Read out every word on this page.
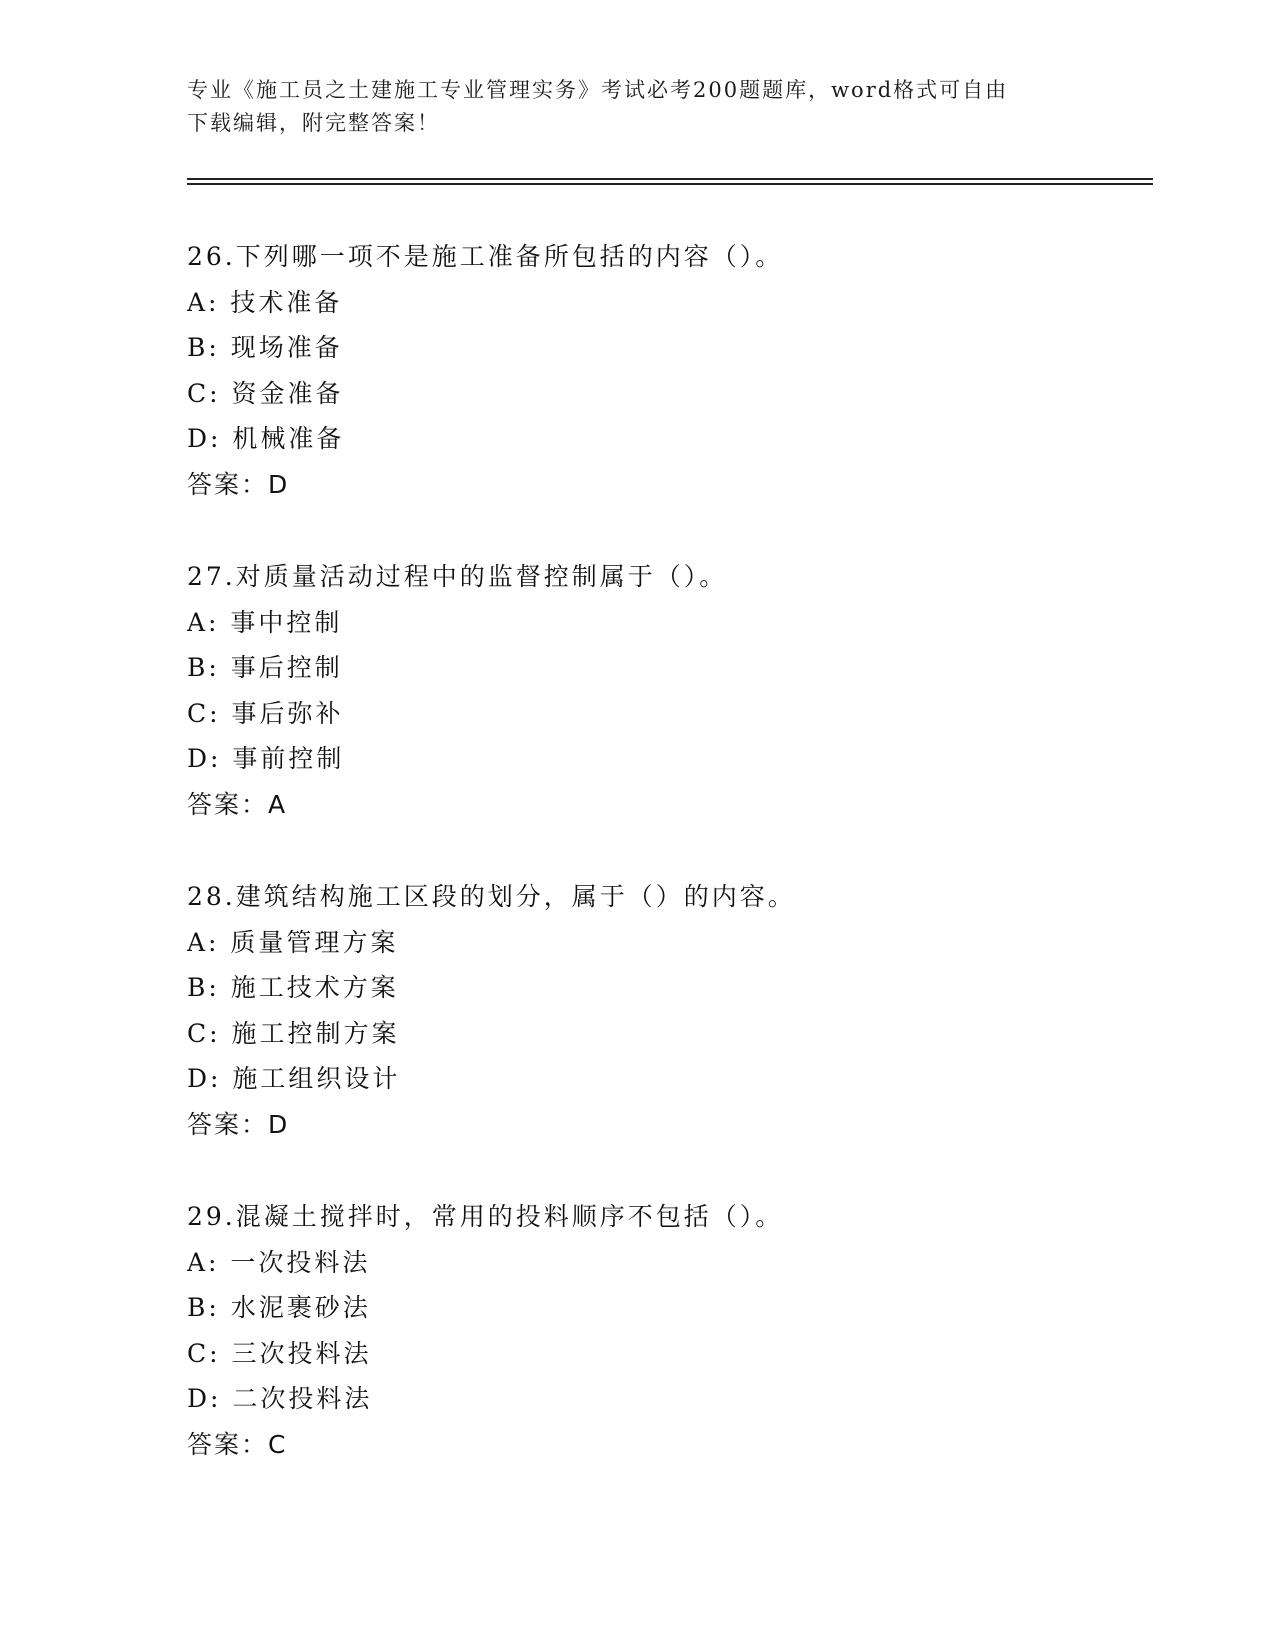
专业《施工员之土建施工专业管理实务》考试必考200题题库，word格式可自由
下载编辑，附完整答案！
26.下列哪一项不是施工准备所包括的内容（）。
A: 技术准备
B: 现场准备
C: 资金准备
D: 机械准备
答案：D
27.对质量活动过程中的监督控制属于（）。
A: 事中控制
B: 事后控制
C: 事后弥补
D: 事前控制
答案：A
28.建筑结构施工区段的划分，属于（）的内容。
A: 质量管理方案
B: 施工技术方案
C: 施工控制方案
D: 施工组织设计
答案：D
29.混凝土搅拌时，常用的投料顺序不包括（）。
A: 一次投料法
B: 水泥裹砂法
C: 三次投料法
D: 二次投料法
答案：C
